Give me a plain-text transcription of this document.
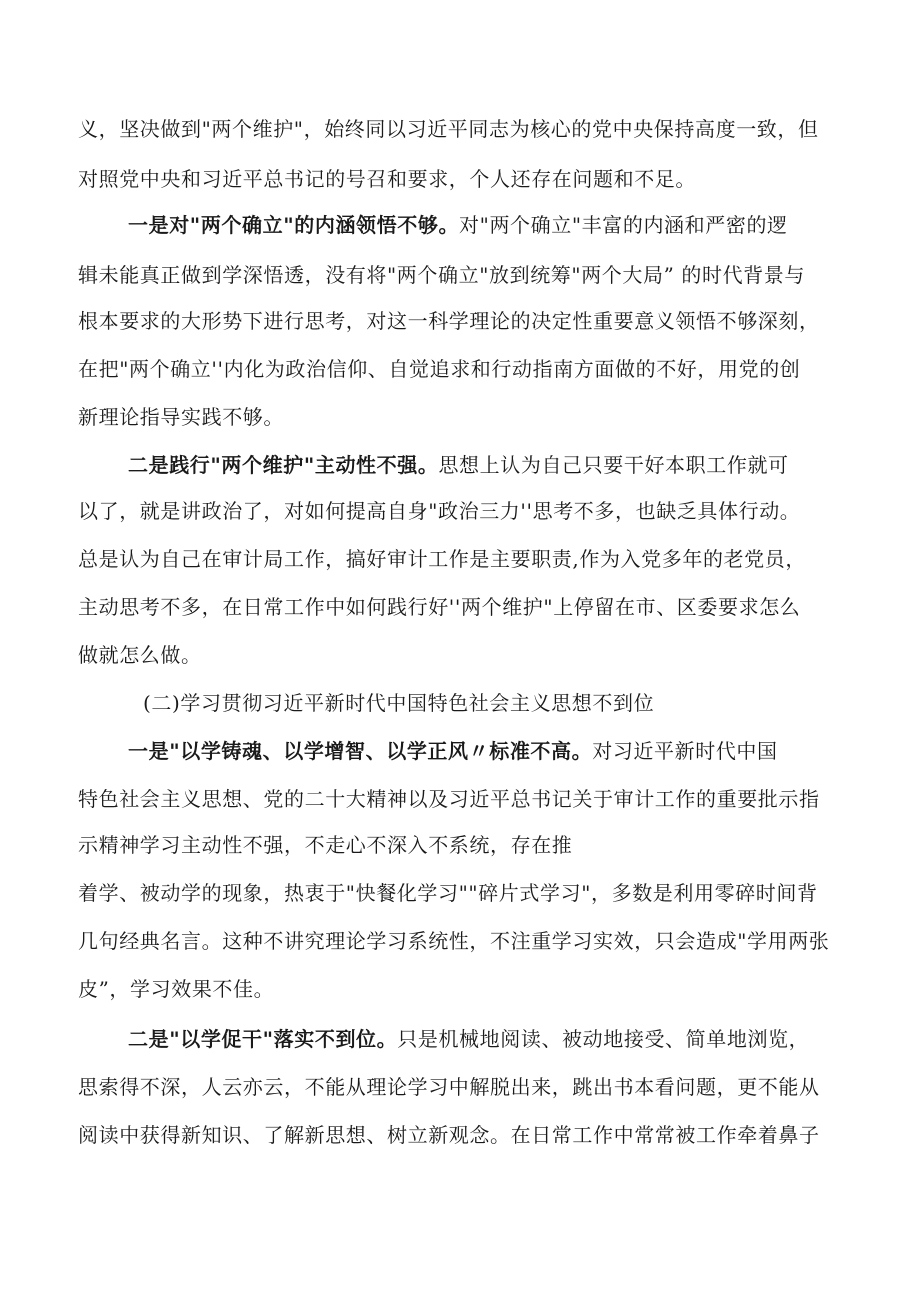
义，坚决做到"两个维护"，始终同以习近平同志为核心的党中央保持高度一致，但
对照党中央和习近平总书记的号召和要求，个人还存在问题和不足。
一是对"两个确立"的内涵领悟不够。对"两个确立"丰富的内涵和严密的逻
辑未能真正做到学深悟透，没有将"两个确立"放到统筹"两个大局” 的时代背景与
根本要求的大形势下进行思考，对这一科学理论的决定性重要意义领悟不够深刻，
在把"两个确立''内化为政治信仰、自觉追求和行动指南方面做的不好，用党的创
新理论指导实践不够。
二是践行"两个维护"主动性不强。思想上认为自己只要干好本职工作就可
以了，就是讲政治了，对如何提高自身"政治三力''思考不多，也缺乏具体行动。
总是认为自己在审计局工作，搞好审计工作是主要职责,作为入党多年的老党员，
主动思考不多，在日常工作中如何践行好''两个维护"上停留在市、区委要求怎么
做就怎么做。
(二)学习贯彻习近平新时代中国特色社会主义思想不到位
一是"以学铸魂、以学增智、以学正风〃标准不高。对习近平新时代中国
特色社会主义思想、党的二十大精神以及习近平总书记关于审计工作的重要批示指
示精神学习主动性不强，不走心不深入不系统，存在推
着学、被动学的现象，热衷于"快餐化学习""碎片式学习"，多数是利用零碎时间背
几句经典名言。这种不讲究理论学习系统性，不注重学习实效，只会造成"学用两张
皮”，学习效果不佳。
二是"以学促干"落实不到位。只是机械地阅读、被动地接受、简单地浏览，
思索得不深，人云亦云，不能从理论学习中解脱出来，跳出书本看问题，更不能从
阅读中获得新知识、了解新思想、树立新观念。在日常工作中常常被工作牵着鼻子
